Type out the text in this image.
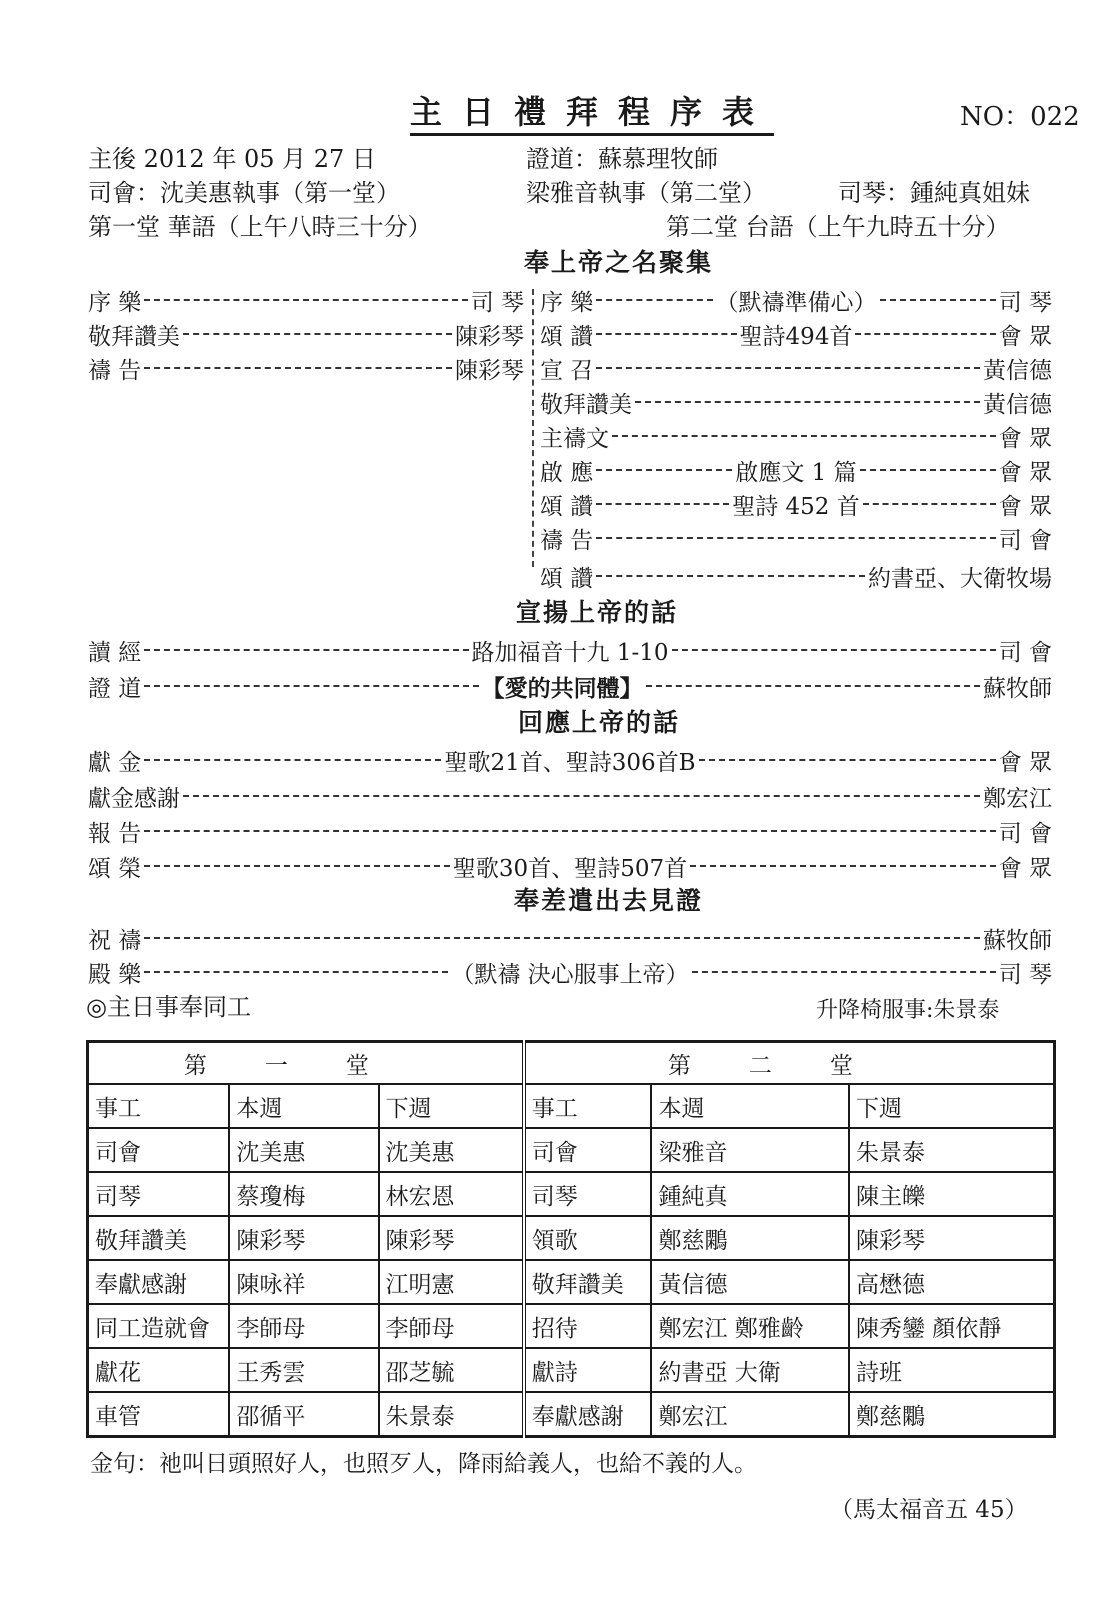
主日禮拜程序表	NO：022
主後 2012 年 05 月 27 日	證道：蘇慕理牧師
司會：沈美惠執事（第一堂）	梁雅音執事（第二堂）	司琴：鍾純真姐妹
第一堂 華語（上午八時三十分）	第二堂 台語（上午九時五十分）
奉上帝之名聚集
序 樂	司 琴
敬拜讚美	陳彩琴
禱 告	陳彩琴
序 樂	（默禱準備心）	司 琴
頌 讚	聖詩494首	會 眾
宣 召	黃信德
敬拜讚美	黃信德
主禱文	會 眾
啟 應	啟應文 1 篇	會 眾
頌 讚	聖詩 452 首	會 眾
禱 告	司 會
頌 讚	約書亞、大衛牧場
宣揚上帝的話
讀 經	路加福音十九 1-10	司 會
證 道	【愛的共同體】	蘇牧師
回應上帝的話
獻 金	聖歌21首、聖詩306首B	會 眾
獻金感謝	鄭宏江
報 告	司 會
頌 榮	聖歌30首、聖詩507首	會 眾
奉差遣出去見證
祝 禱	蘇牧師
殿 樂	（默禱 決心服事上帝）	司 琴
◎主日事奉同工	升降椅服事:朱景泰
第一堂			第二堂		
事工	本週	下週	事工	本週	下週
司會	沈美惠	沈美惠	司會	梁雅音	朱景泰
司琴	蔡瓊梅	林宏恩	司琴	鍾純真	陳主皪
敬拜讚美	陳彩琴	陳彩琴	領歌	鄭慈鷴	陳彩琴
奉獻感謝	陳咏祥	江明憲	敬拜讚美	黃信德	高懋德
同工造就會	李師母	李師母	招待	鄭宏江 鄭雅齡	陳秀鑾 顏依靜
獻花	王秀雲	邵芝毓	獻詩	約書亞 大衛	詩班
車管	邵循平	朱景泰	奉獻感謝	鄭宏江	鄭慈鷴
金句：祂叫日頭照好人，也照歹人，降雨給義人，也給不義的人。
（馬太福音五 45）
